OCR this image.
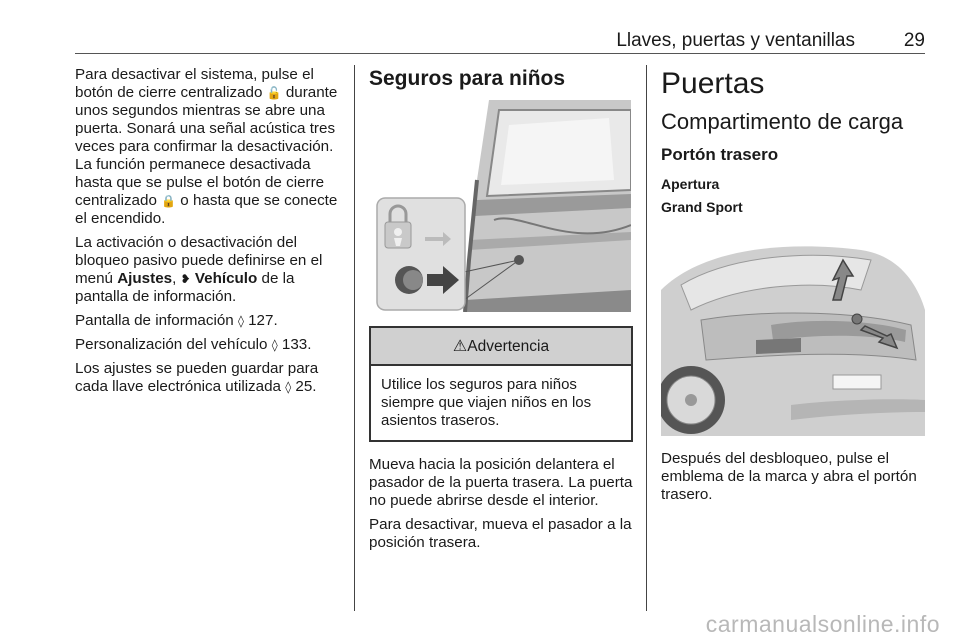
Llaves, puertas y ventanillas	29

Para desactivar el sistema, pulse el botón de cierre centralizado 🔓 durante unos segundos mientras se abre una puerta. Sonará una señal acústica tres veces para confirmar la desactivación. La función permanece desactivada hasta que se pulse el botón de cierre centralizado 🔒 o hasta que se conecte el encendido.

La activación o desactivación del bloqueo pasivo puede definirse en el menú Ajustes, ❥ Vehículo de la pantalla de información.

Pantalla de información ◊ 127.

Personalización del vehículo ◊ 133.

Los ajustes se pueden guardar para cada llave electrónica utilizada ◊ 25.

Seguros para niños
⚠Advertencia
Utilice los seguros para niños siempre que viajen niños en los asientos traseros.

Mueva hacia la posición delantera el pasador de la puerta trasera. La puerta no puede abrirse desde el interior.

Para desactivar, mueva el pasador a la posición trasera.

Puertas
Compartimento de carga
Portón trasero

Apertura

Grand Sport

Después del desbloqueo, pulse el emblema de la marca y abra el portón trasero.

carmanualsonline.info
